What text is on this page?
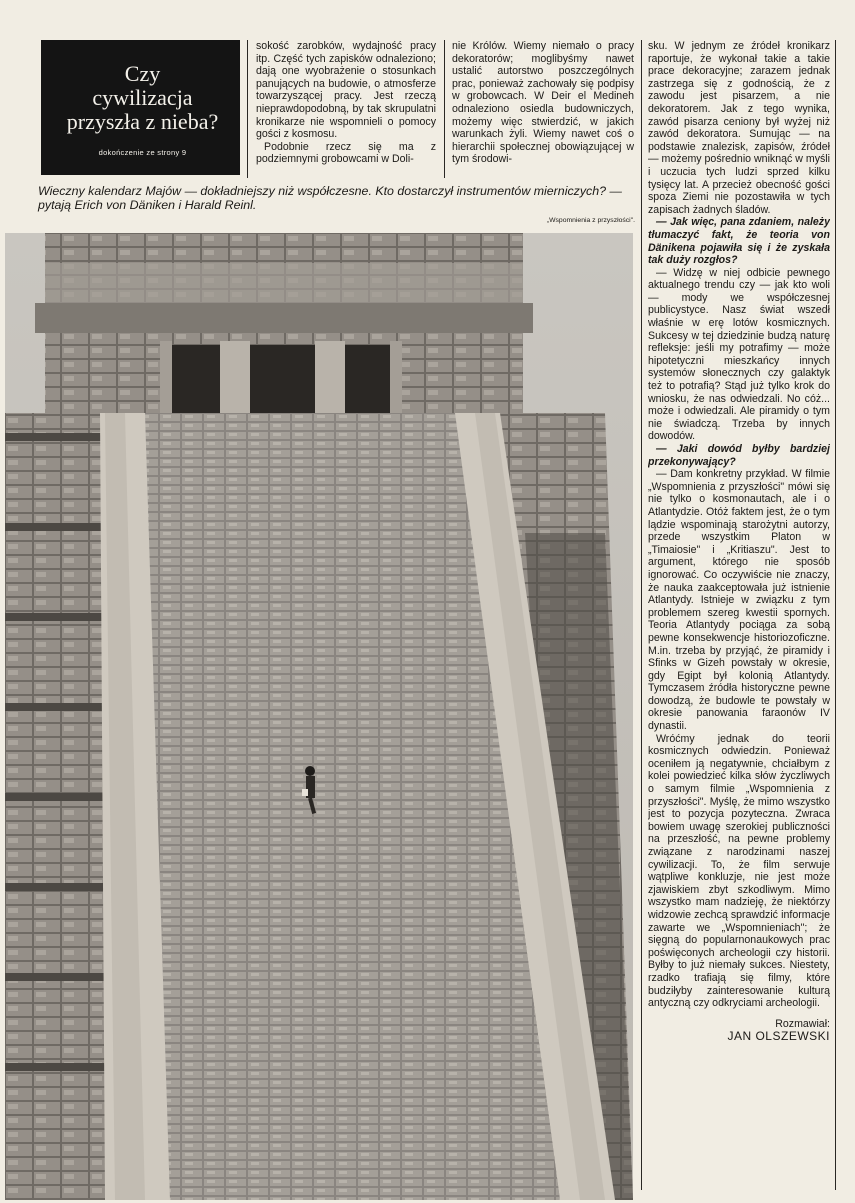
Czy
cywilizacja
przyszła z nieba?
dokończenie ze strony 9

sokość zarobków, wydajność pracy itp. Część tych zapisków odnaleziono; dają one wyobrażenie o stosunkach panujących na budowie, o atmosferze towarzyszącej pracy. Jest rzeczą nieprawdopodobną, by tak skrupulatni kronikarze nie wspomnieli o pomocy gości z kosmosu.

Podobnie rzecz się ma z podziemnymi grobowcami w Doli-

nie Królów. Wiemy niemało o pracy dekoratorów; moglibyśmy nawet ustalić autorstwo poszczególnych prac, ponieważ zachowały się podpisy w grobowcach. W Deir el Medineh odnaleziono osiedla budowniczych, możemy więc stwierdzić, w jakich warunkach żyli. Wiemy nawet coś o hierarchii społecznej obowiązującej w tym środowi-

Wieczny kalendarz Majów — dokładniejszy niż współczesne. Kto dostarczył instrumentów mierniczych? — pytają Erich von Däniken i Harald Reinl.

„Wspomnienia z przyszłości".

sku. W jednym ze źródeł kronikarz raportuje, że wykonał takie a takie prace dekoracyjne; zarazem jednak zastrzega się z godnością, że z zawodu jest pisarzem, a nie dekoratorem. Jak z tego wynika, zawód pisarza ceniony był wyżej niż zawód dekoratora. Sumując — na podstawie znalezisk, zapisów, źródeł — możemy pośrednio wniknąć w myśli i uczucia tych ludzi sprzed kilku tysięcy lat. A przecież obecność gości spoza Ziemi nie pozostawiła w tych zapisach żadnych śladów.

— Jak więc, pana zdaniem, należy tłumaczyć fakt, że teoria von Dänikena pojawiła się i że zyskała tak duży rozgłos?

— Widzę w niej odbicie pewnego aktualnego trendu czy — jak kto woli — mody we współczesnej publicystyce. Nasz świat wszedł właśnie w erę lotów kosmicznych. Sukcesy w tej dziedzinie budzą naturę refleksje: jeśli my potrafimy — może hipotetyczni mieszkańcy innych systemów słonecznych czy galaktyk też to potrafią? Stąd już tylko krok do wniosku, że nas odwiedzali. No cóż... może i odwiedzali. Ale piramidy o tym nie świadczą. Trzeba by innych dowodów.

— Jaki dowód byłby bardziej przekonywający?

— Dam konkretny przykład. W filmie „Wspomnienia z przyszłości" mówi się nie tylko o kosmonautach, ale i o Atlantydzie. Otóż faktem jest, że o tym lądzie wspominają starożytni autorzy, przede wszystkim Platon w „Timaiosie" i „Kritiaszu". Jest to argument, którego nie sposób ignorować. Co oczywiście nie znaczy, że nauka zaakceptowała już istnienie Atlantydy. Istnieje w związku z tym problemem szereg kwestii spornych. Teoria Atlantydy pociąga za sobą pewne konsekwencje historiozoficzne. M.in. trzeba by przyjąć, że piramidy i Sfinks w Gizeh powstały w okresie, gdy Egipt był kolonią Atlantydy. Tymczasem źródła historyczne pewne dowodzą, że budowle te powstały w okresie panowania faraonów IV dynastii.

Wróćmy jednak do teorii kosmicznych odwiedzin. Ponieważ oceniłem ją negatywnie, chciałbym z kolei powiedzieć kilka słów życzliwych o samym filmie „Wspomnienia z przyszłości". Myślę, że mimo wszystko jest to pozycja pozyteczna. Zwraca bowiem uwagę szerokiej publiczności na przeszłość, na pewne problemy związane z narodzinami naszej cywilizacji. To, że film serwuje wątpliwe konkluzje, nie jest może zjawiskiem zbyt szkodliwym. Mimo wszystko mam nadzieję, że niektórzy widzowie zechcą sprawdzić informacje zawarte we „Wspomnieniach"; że sięgną do popularnonaukowych prac poświęconych archeologii czy historii. Byłby to już niemały sukces. Niestety, rzadko trafiają się filmy, które budziłyby zainteresowanie kulturą antyczną czy odkryciami archeologii.

Rozmawiał:

JAN OLSZEWSKI
